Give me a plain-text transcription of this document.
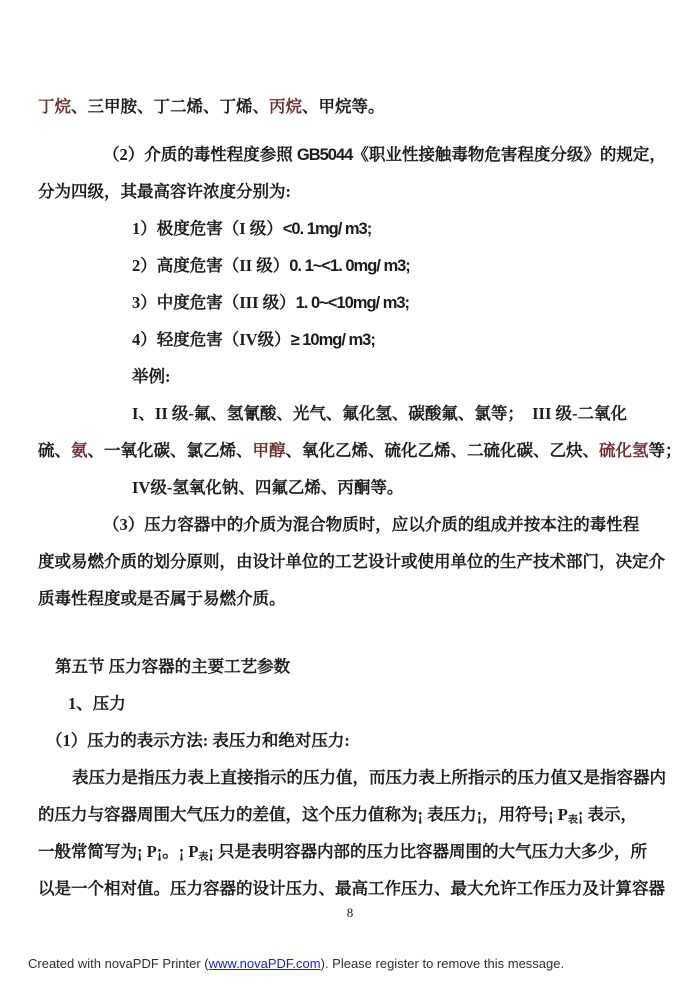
丁烷、三甲胺、丁二烯、丁烯、丙烷、甲烷等。
（2）介质的毒性程度参照 GB5044《职业性接触毒物危害程度分级》的规定，
分为四级，其最高容许浓度分别为:
1）极度危害（I 级）<0. 1mg/ m3;
2）高度危害（II 级）0. 1~<1. 0mg/ m3;
3）中度危害（III 级）1. 0~<10mg/ m3;
4）轻度危害（IV级）≥ 10mg/ m3;
举例:
I、II 级-氟、氢氰酸、光气、氟化氢、碳酸氟、氯等；  III 级-二氧化
硫、氨、一氧化碳、氯乙烯、甲醇、氧化乙烯、硫化乙烯、二硫化碳、乙炔、硫化氢等；
IV级-氢氧化钠、四氟乙烯、丙酮等。
（3）压力容器中的介质为混合物质时，应以介质的组成并按本注的毒性程
度或易燃介质的划分原则，由设计单位的工艺设计或使用单位的生产技术部门，决定介
质毒性程度或是否属于易燃介质。
第五节 压力容器的主要工艺参数
1、压力
（1）压力的表示方法: 表压力和绝对压力:
表压力是指压力表上直接指示的压力值，而压力表上所指示的压力值又是指容器内
的压力与容器周围大气压力的差值，这个压力值称为¡ 表压力¡，用符号¡ P表¡ 表示，
一般常简写为¡ P¡。¡ P表¡ 只是表明容器内部的压力比容器周围的大气压力大多少，所
以是一个相对值。压力容器的设计压力、最高工作压力、最大允许工作压力及计算容器
8
Created with novaPDF Printer (www.novaPDF.com). Please register to remove this message.
